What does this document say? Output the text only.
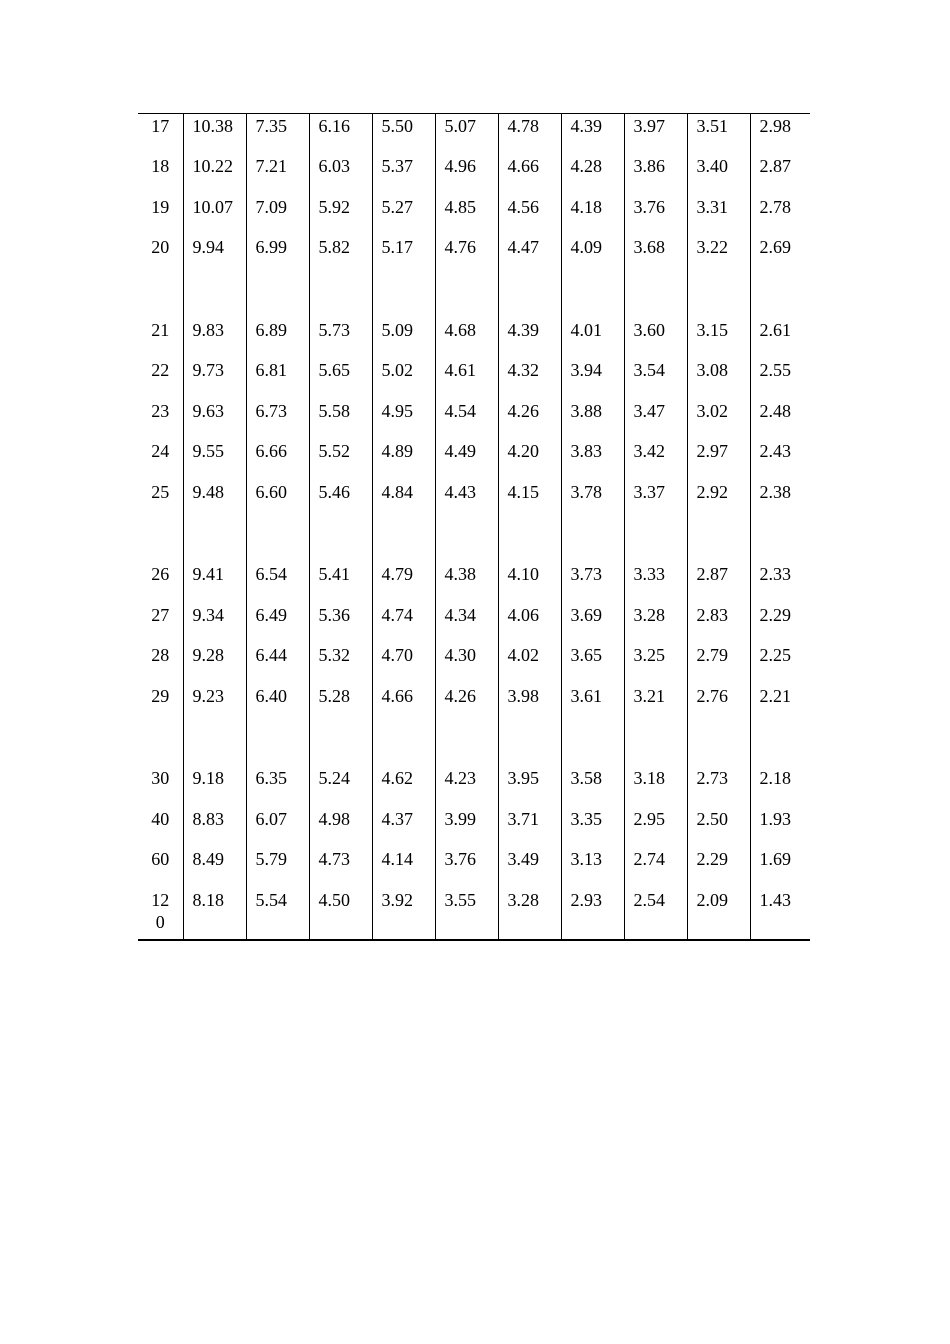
17	10.38	7.35	6.16	5.50	5.07	4.78	4.39	3.97	3.51	2.98
18	10.22	7.21	6.03	5.37	4.96	4.66	4.28	3.86	3.40	2.87
19	10.07	7.09	5.92	5.27	4.85	4.56	4.18	3.76	3.31	2.78
20	9.94	6.99	5.82	5.17	4.76	4.47	4.09	3.68	3.22	2.69

21	9.83	6.89	5.73	5.09	4.68	4.39	4.01	3.60	3.15	2.61
22	9.73	6.81	5.65	5.02	4.61	4.32	3.94	3.54	3.08	2.55
23	9.63	6.73	5.58	4.95	4.54	4.26	3.88	3.47	3.02	2.48
24	9.55	6.66	5.52	4.89	4.49	4.20	3.83	3.42	2.97	2.43
25	9.48	6.60	5.46	4.84	4.43	4.15	3.78	3.37	2.92	2.38

26	9.41	6.54	5.41	4.79	4.38	4.10	3.73	3.33	2.87	2.33
27	9.34	6.49	5.36	4.74	4.34	4.06	3.69	3.28	2.83	2.29
28	9.28	6.44	5.32	4.70	4.30	4.02	3.65	3.25	2.79	2.25
29	9.23	6.40	5.28	4.66	4.26	3.98	3.61	3.21	2.76	2.21

30	9.18	6.35	5.24	4.62	4.23	3.95	3.58	3.18	2.73	2.18
40	8.83	6.07	4.98	4.37	3.99	3.71	3.35	2.95	2.50	1.93
60	8.49	5.79	4.73	4.14	3.76	3.49	3.13	2.74	2.29	1.69
120	8.18	5.54	4.50	3.92	3.55	3.28	2.93	2.54	2.09	1.43
